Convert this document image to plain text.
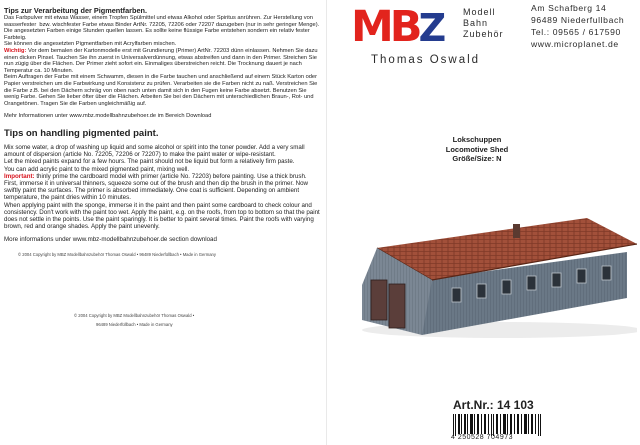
Tips zur Verarbeitung der Pigmentfarben.

Das Farbpulver mit etwas Wasser, einem Tropfen Spülmittel und etwas Alkohol oder Spiritus anrühren. Zur Herstellung von wasserfester  bzw. wischfester Farbe etwas Binder ArtNr. 72205, 72206 oder 72207 dazugeben (nur in sehr geringer Menge).

Die angesetzten Farben einige Stunden quellen lassen. Es sollte keine flüssige Farbe entstehen sondern ein relativ fester Farbteig.

Sie können die angesetzten Pigmentfarben mit Acrylfarben mischen.

Wichtig: Vor dem bemalen der Kartonmodelle erst mit Grundierung (Primer) ArtNr. 72203 dünn einlassen. Nehmen Sie dazu einen dicken Pinsel. Tauchen Sie ihn zuerst in Universalverdünnung, etwas abstreifen und dann in den Primer. Streichen Sie nun zügig über die Flächen. Der Primer zieht sofort ein. Einmaliges überstreichen reicht. Die Trocknung dauert je nach Temperatur ca. 10 Minuten.

Beim Auftragen der Farbe mit einem Schwamm, diesen in die Farbe tauchen und anschließend auf einem Stück Karton oder Papier verstreichen um die Farbwirkung und Konsistenz zu prüfen. Verarbeiten sie die Farben nicht zu naß. Verstreichen Sie die Farbe z.B. bei den Dächern schräg von oben nach unten damit sich in den Fugen keine Farbe absetzt. Benutzen Sie wenig Farbe. Gehen Sie lieber öfter über die Flächen. Arbeiten Sie bei den Dächern mit unterschiedlichen Braun-, Rot- und Orangetönen. Tragen Sie die Farben ungleichmäßig auf.

Mehr Informationen unter www.mbz.modellbahnzubehoer.de im Bereich Download

Tips on handling pigmented paint.

Mix some water, a drop of washing up liquid and some alcohol or spirit into the toner powder. Add a very small amount of dispersion (article No. 72205, 72206 or 72207) to make the paint water or wipe-resistant.

Let the mixed paints expand for a few hours. The paint should not be liquid but form a relatively firm paste.

You can add acrylic paint to the mixed pigmented paint, mixing well.

Important: thinly prime the cardboard model with primer (article No. 72203) before painting. Use a thick brush. First, immerse it in universal thinners, squeeze some out of the brush and then dip the brush in the primer. Now swiftly paint the surfaces. The primer is absorbed immediately. One coat is sufficient. Depending on ambient temperature, the paint dries within 10 minutes.

When applying paint with the sponge, immerse it in the paint and then paint some cardboard to check colour and consistency. Don't work with the paint too wet. Apply the paint, e.g. on the roofs, from top to bottom so that the paint does not settle in the points. Use the paint sparingly. It is better to paint several times. Paint the roofs with varying brown, red and orange shades. Apply the paint unevenly.

More informations under www.mbz-modellbahnzubehoer.de section download

© 2004 Copyright by MBZ Modellbahnzubehör Thomas Oswald • 96489 Niederfüllbach • Made in Germany

© 2004 Copyright by MBZ Modellbahnzubehör Thomas Oswald •

96489 Niederfüllbach • Made in Germany

MBZ Modell
Bahn
Zubehör
Thomas Oswald
Am Schafberg 14
96489 Niederfullbach
Tel.: 09565 / 617590
www.microplanet.de
Lokschuppen
Locomotive Shed
Größe/Size: N
Art.Nr.: 14 103
4 250528 704973
